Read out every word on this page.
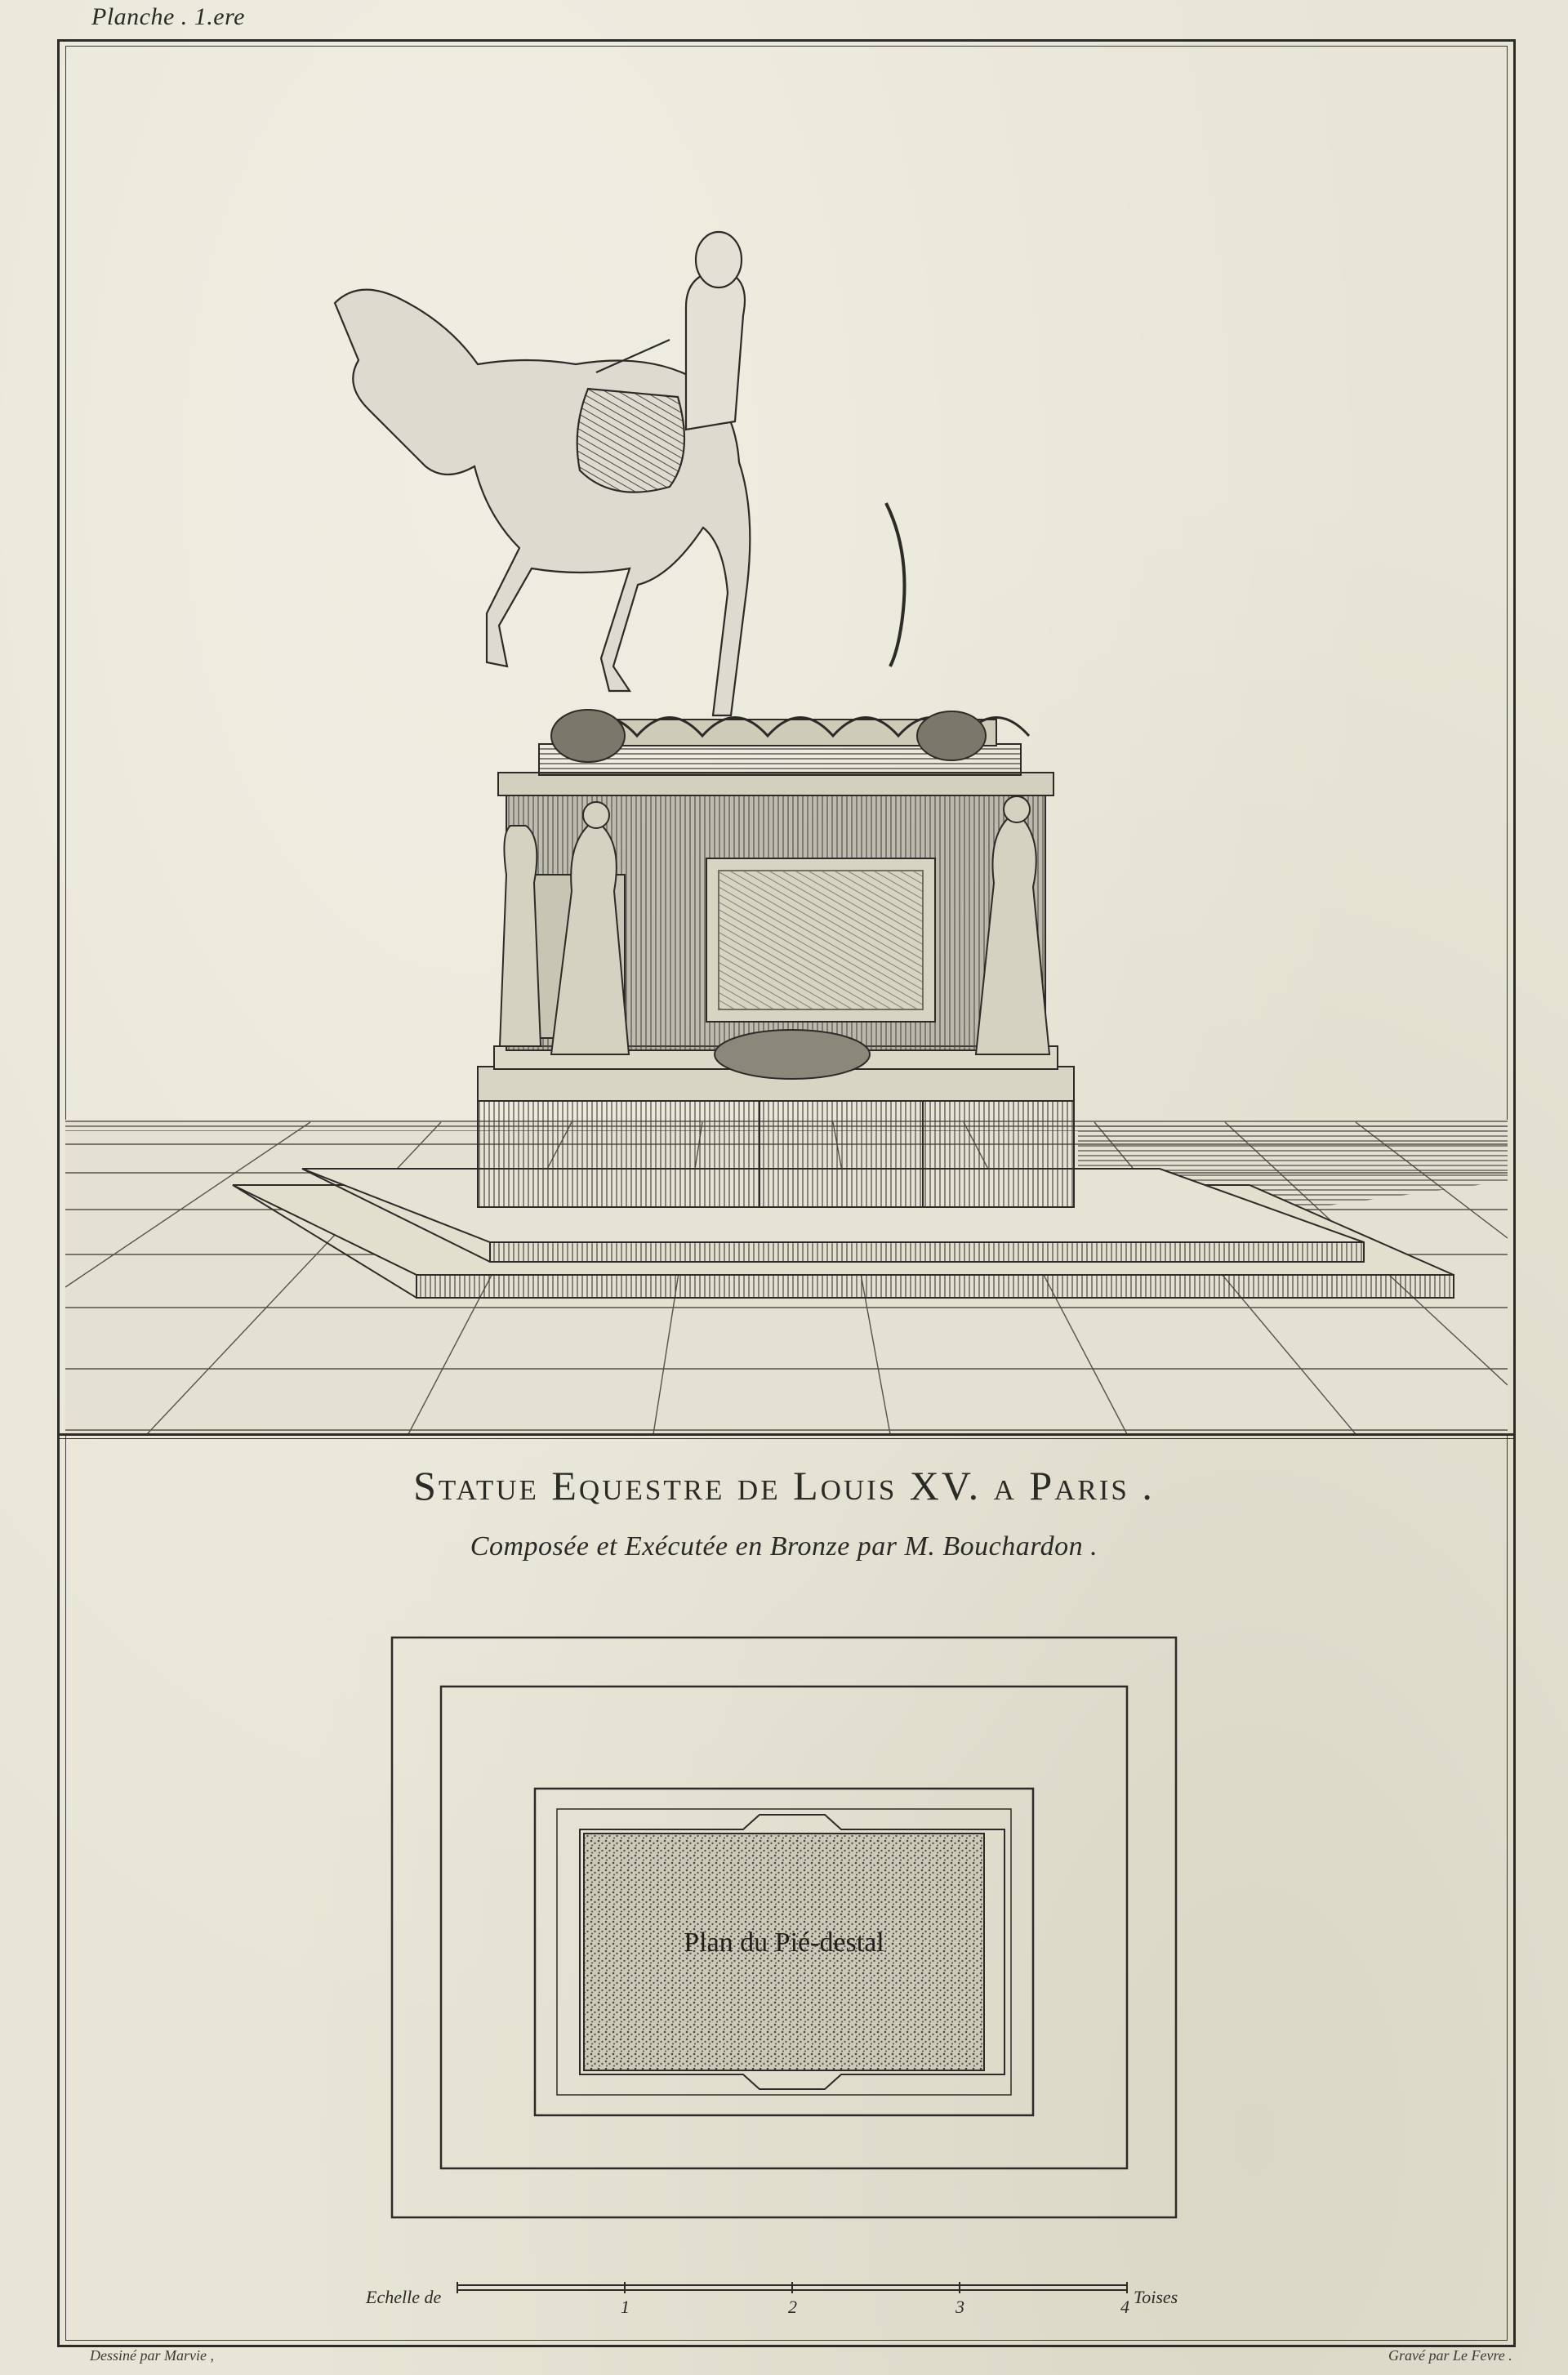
Planche . 1.ere
Statue Equestre de Louis XV. a Paris .
Composée et Exécutée en Bronze par M. Bouchardon .
Plan du Pié-destal
Echelle de	Toises
1	2	3	4
Dessiné par Marvie ,	Gravé par Le Fevre .
